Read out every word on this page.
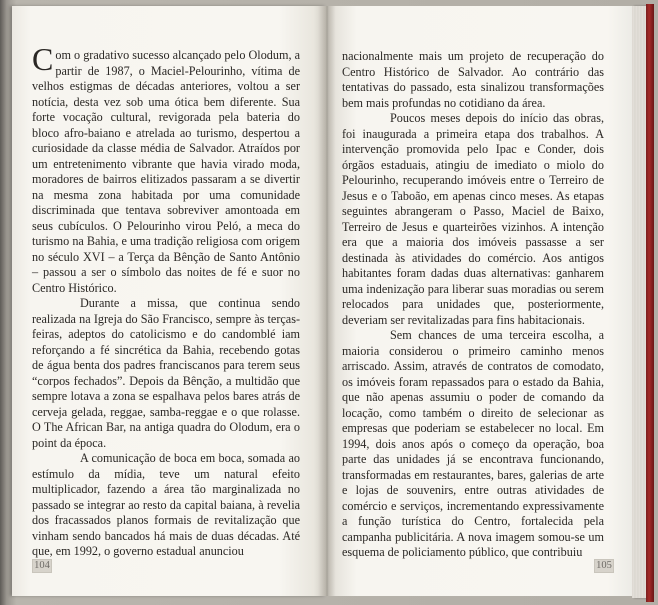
Com o gradativo sucesso alcançado pelo Olodum, a partir de 1987, o Maciel-Pelourinho, vítima de velhos estigmas de décadas anteriores, voltou a ser notícia, desta vez sob uma ótica bem diferente. Sua forte vocação cultural, revigorada pela bateria do bloco afro-baiano e atrelada ao turismo, despertou a curiosidade da classe média de Salvador. Atraídos por um entretenimento vibrante que havia virado moda, moradores de bairros elitizados passaram a se divertir na mesma zona habitada por uma comunidade discriminada que tentava sobreviver amontoada em seus cubículos. O Pelourinho virou Peló, a meca do turismo na Bahia, e uma tradição religiosa com origem no século XVI – a Terça da Bênção de Santo Antônio – passou a ser o símbolo das noites de fé e suor no Centro Histórico.

Durante a missa, que continua sendo realizada na Igreja do São Francisco, sempre às terças-feiras, adeptos do catolicismo e do candomblé iam reforçando a fé sincrética da Bahia, recebendo gotas de água benta dos padres franciscanos para terem seus “corpos fechados”. Depois da Bênção, a multidão que sempre lotava a zona se espalhava pelos bares atrás de cerveja gelada, reggae, samba-reggae e o que rolasse. O The African Bar, na antiga quadra do Olodum, era o point da época.

A comunicação de boca em boca, somada ao estímulo da mídia, teve um natural efeito multiplicador, fazendo a área tão marginalizada no passado se integrar ao resto da capital baiana, à revelia dos fracassados planos formais de revitalização que vinham sendo bancados há mais de duas décadas. Até que, em 1992, o governo estadual anunciou

104

nacionalmente mais um projeto de recuperação do Centro Histórico de Salvador. Ao contrário das tentativas do passado, esta sinalizou transformações bem mais profundas no cotidiano da área.

Poucos meses depois do início das obras, foi inaugurada a primeira etapa dos trabalhos. A intervenção promovida pelo Ipac e Conder, dois órgãos estaduais, atingiu de imediato o miolo do Pelourinho, recuperando imóveis entre o Terreiro de Jesus e o Taboão, em apenas cinco meses. As etapas seguintes abrangeram o Passo, Maciel de Baixo, Terreiro de Jesus e quarteirões vizinhos. A intenção era que a maioria dos imóveis passasse a ser destinada às atividades do comércio. Aos antigos habitantes foram dadas duas alternativas: ganharem uma indenização para liberar suas moradias ou serem relocados para unidades que, posteriormente, deveriam ser revitalizadas para fins habitacionais.

Sem chances de uma terceira escolha, a maioria considerou o primeiro caminho menos arriscado. Assim, através de contratos de comodato, os imóveis foram repassados para o estado da Bahia, que não apenas assumiu o poder de comando da locação, como também o direito de selecionar as empresas que poderiam se estabelecer no local. Em 1994, dois anos após o começo da operação, boa parte das unidades já se encontrava funcionando, transformadas em restaurantes, bares, galerias de arte e lojas de souvenirs, entre outras atividades de comércio e serviços, incrementando expressivamente a função turística do Centro, fortalecida pela campanha publicitária. A nova imagem somou-se um esquema de policiamento público, que contribuiu

105
